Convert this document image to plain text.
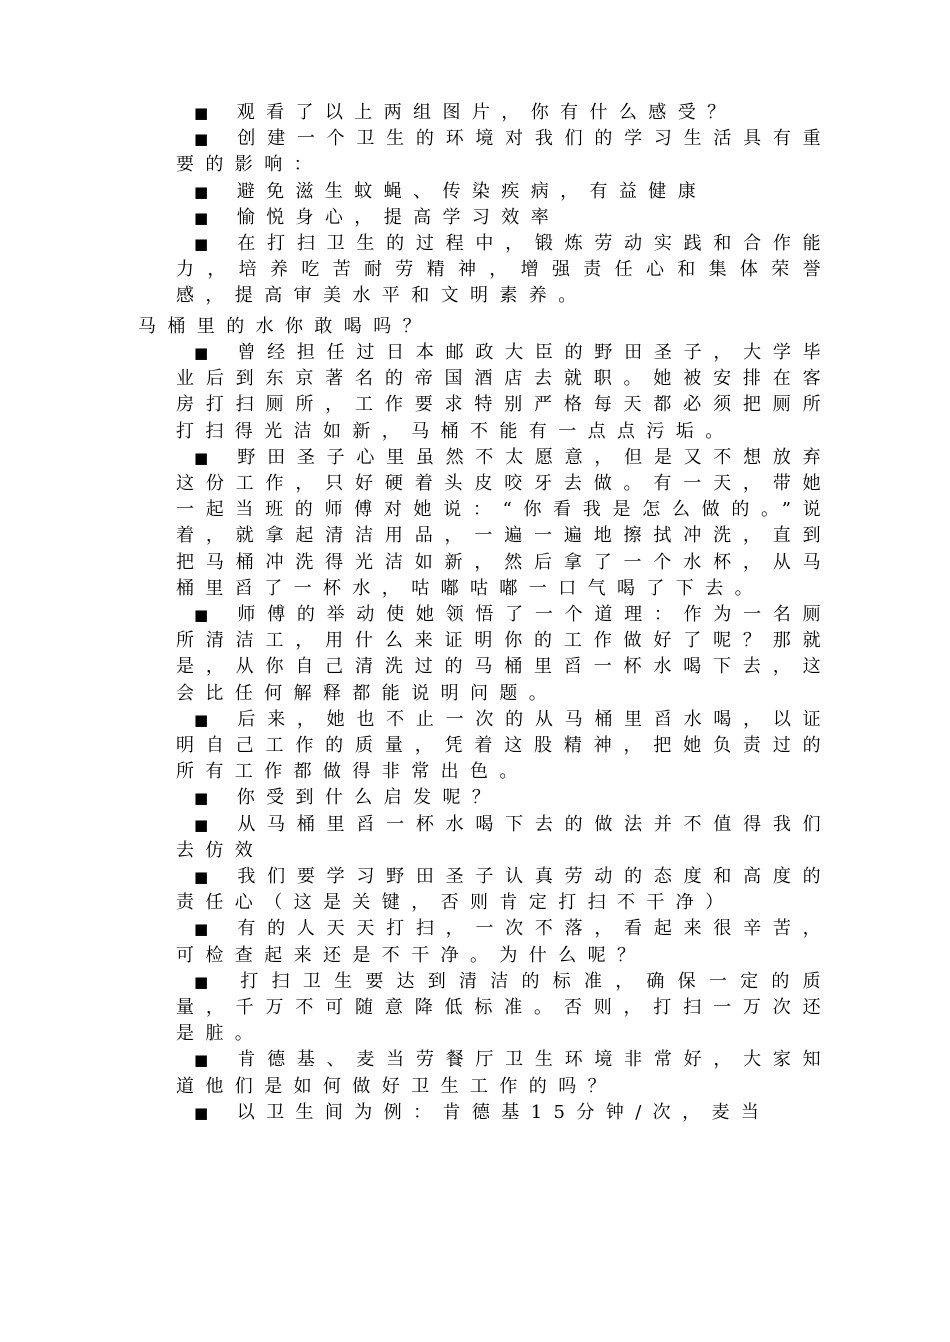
■ 观看了以上两组图片，你有什么感受？

■ 创建一个卫生的环境对我们的学习生活具有重要的影响：

■ 避免滋生蚊蝇、传染疾病，有益健康

■ 愉悦身心，提高学习效率

■ 在打扫卫生的过程中，锻炼劳动实践和合作能力，培养吃苦耐劳精神，增强责任心和集体荣誉感，提高审美水平和文明素养。

马桶里的水你敢喝吗？

■ 曾经担任过日本邮政大臣的野田圣子，大学毕业后到东京著名的帝国酒店去就职。她被安排在客房打扫厕所，工作要求特别严格每天都必须把厕所打扫得光洁如新，马桶不能有一点点污垢。

■ 野田圣子心里虽然不太愿意，但是又不想放弃这份工作，只好硬着头皮咬牙去做。有一天，带她一起当班的师傅对她说：“你看我是怎么做的。”说着，就拿起清洁用品，一遍一遍地擦拭冲洗，直到把马桶冲洗得光洁如新，然后拿了一个水杯，从马桶里舀了一杯水，咕嘟咕嘟一口气喝了下去。

■ 师傅的举动使她领悟了一个道理：作为一名厕所清洁工，用什么来证明你的工作做好了呢？那就是，从你自己清洗过的马桶里舀一杯水喝下去，这会比任何解释都能说明问题。

■ 后来，她也不止一次的从马桶里舀水喝，以证明自己工作的质量，凭着这股精神，把她负责过的所有工作都做得非常出色。

■ 你受到什么启发呢？

■ 从马桶里舀一杯水喝下去的做法并不值得我们去仿效

■ 我们要学习野田圣子认真劳动的态度和高度的责任心（这是关键，否则肯定打扫不干净）

■ 有的人天天打扫，一次不落，看起来很辛苦，可检查起来还是不干净。为什么呢？

■ 打扫卫生要达到清洁的标准，确保一定的质量，千万不可随意降低标准。否则，打扫一万次还是脏。

■ 肯德基、麦当劳餐厅卫生环境非常好，大家知道他们是如何做好卫生工作的吗？

■ 以卫生间为例：肯德基15分钟/次，麦当
